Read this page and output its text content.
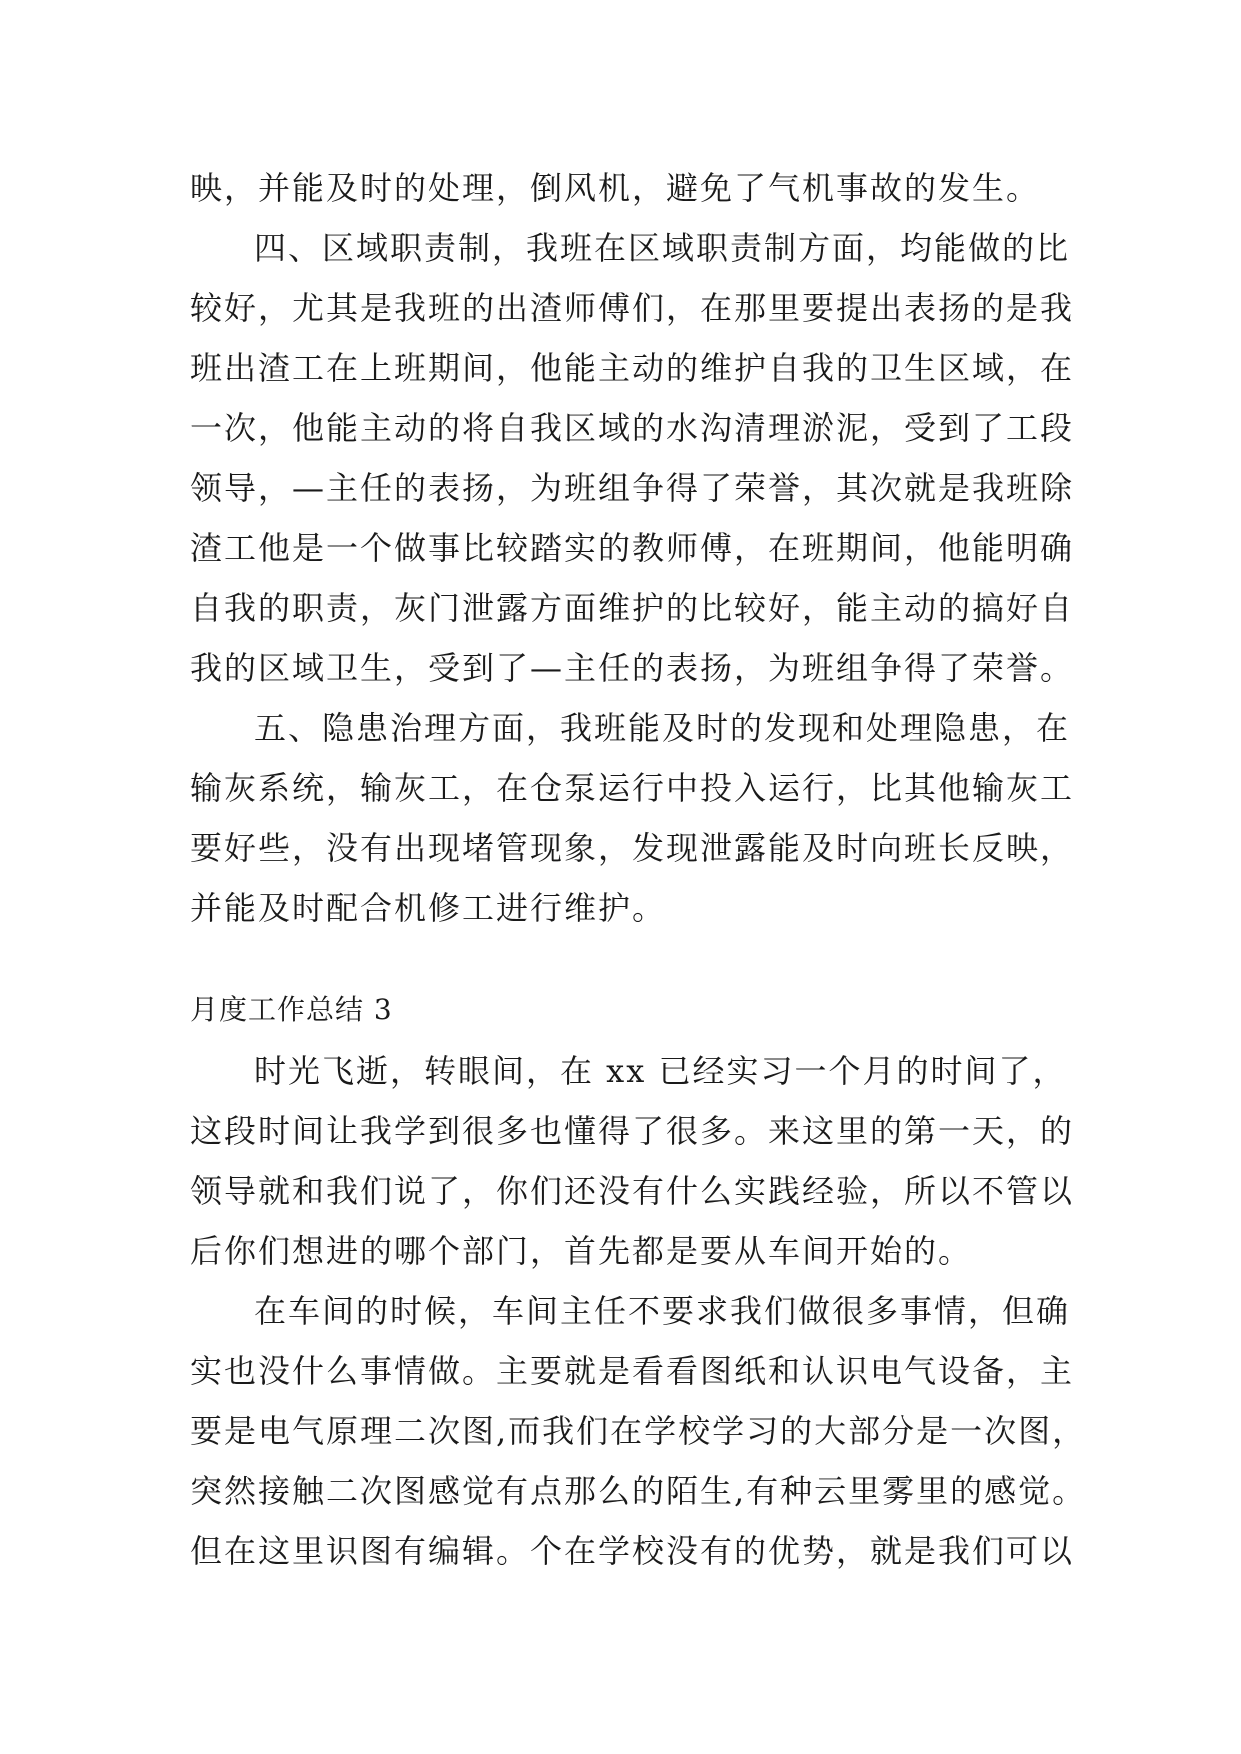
映，并能及时的处理，倒风机，避免了气机事故的发生。
四、区域职责制，我班在区域职责制方面，均能做的比
较好，尤其是我班的出渣师傅们，在那里要提出表扬的是我
班出渣工在上班期间，他能主动的维护自我的卫生区域，在
一次，他能主动的将自我区域的水沟清理淤泥，受到了工段
领导，—主任的表扬，为班组争得了荣誉，其次就是我班除
渣工他是一个做事比较踏实的教师傅，在班期间，他能明确
自我的职责，灰门泄露方面维护的比较好，能主动的搞好自
我的区域卫生，受到了—主任的表扬，为班组争得了荣誉。
五、隐患治理方面，我班能及时的发现和处理隐患，在
输灰系统，输灰工，在仓泵运行中投入运行，比其他输灰工
要好些，没有出现堵管现象，发现泄露能及时向班长反映，
并能及时配合机修工进行维护。
月度工作总结 3
时光飞逝，转眼间，在 xx 已经实习一个月的时间了，
这段时间让我学到很多也懂得了很多。来这里的第一天，的
领导就和我们说了，你们还没有什么实践经验，所以不管以
后你们想进的哪个部门，首先都是要从车间开始的。
在车间的时候，车间主任不要求我们做很多事情，但确
实也没什么事情做。主要就是看看图纸和认识电气设备，主
要是电气原理二次图,而我们在学校学习的大部分是一次图，
突然接触二次图感觉有点那么的陌生,有种云里雾里的感觉。
但在这里识图有编辑。个在学校没有的优势，就是我们可以
